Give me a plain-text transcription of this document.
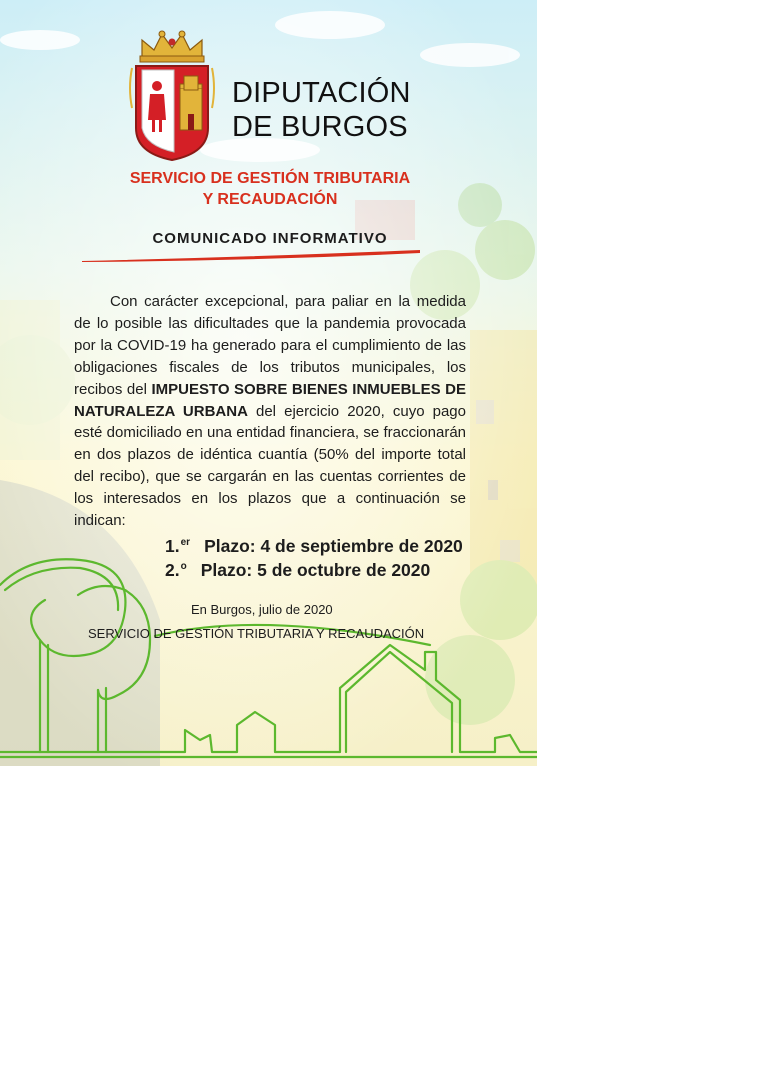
DIPUTACIÓN
DE BURGOS
SERVICIO DE GESTIÓN TRIBUTARIA
Y RECAUDACIÓN
COMUNICADO INFORMATIVO

Con carácter excepcional, para paliar en la medida de lo posible las dificultades que la pandemia provocada por la COVID-19 ha generado para el cumplimiento de las obligaciones fiscales de los tributos municipales, los recibos del IMPUESTO SOBRE BIENES INMUEBLES DE NATURALEZA URBANA del ejercicio 2020, cuyo pago esté domiciliado en una entidad financiera, se fraccionarán en dos plazos de idéntica cuantía (50% del importe total del recibo), que se cargarán en las cuentas corrientes de los interesados en los plazos que a continuación se indican:

1.$^{er}$ Plazo: 4 de septiembre de 2020
2.$^o$ Plazo: 5 de octubre de 2020
En Burgos, julio de 2020
SERVICIO DE GESTIÓN TRIBUTARIA Y RECAUDACIÓN
